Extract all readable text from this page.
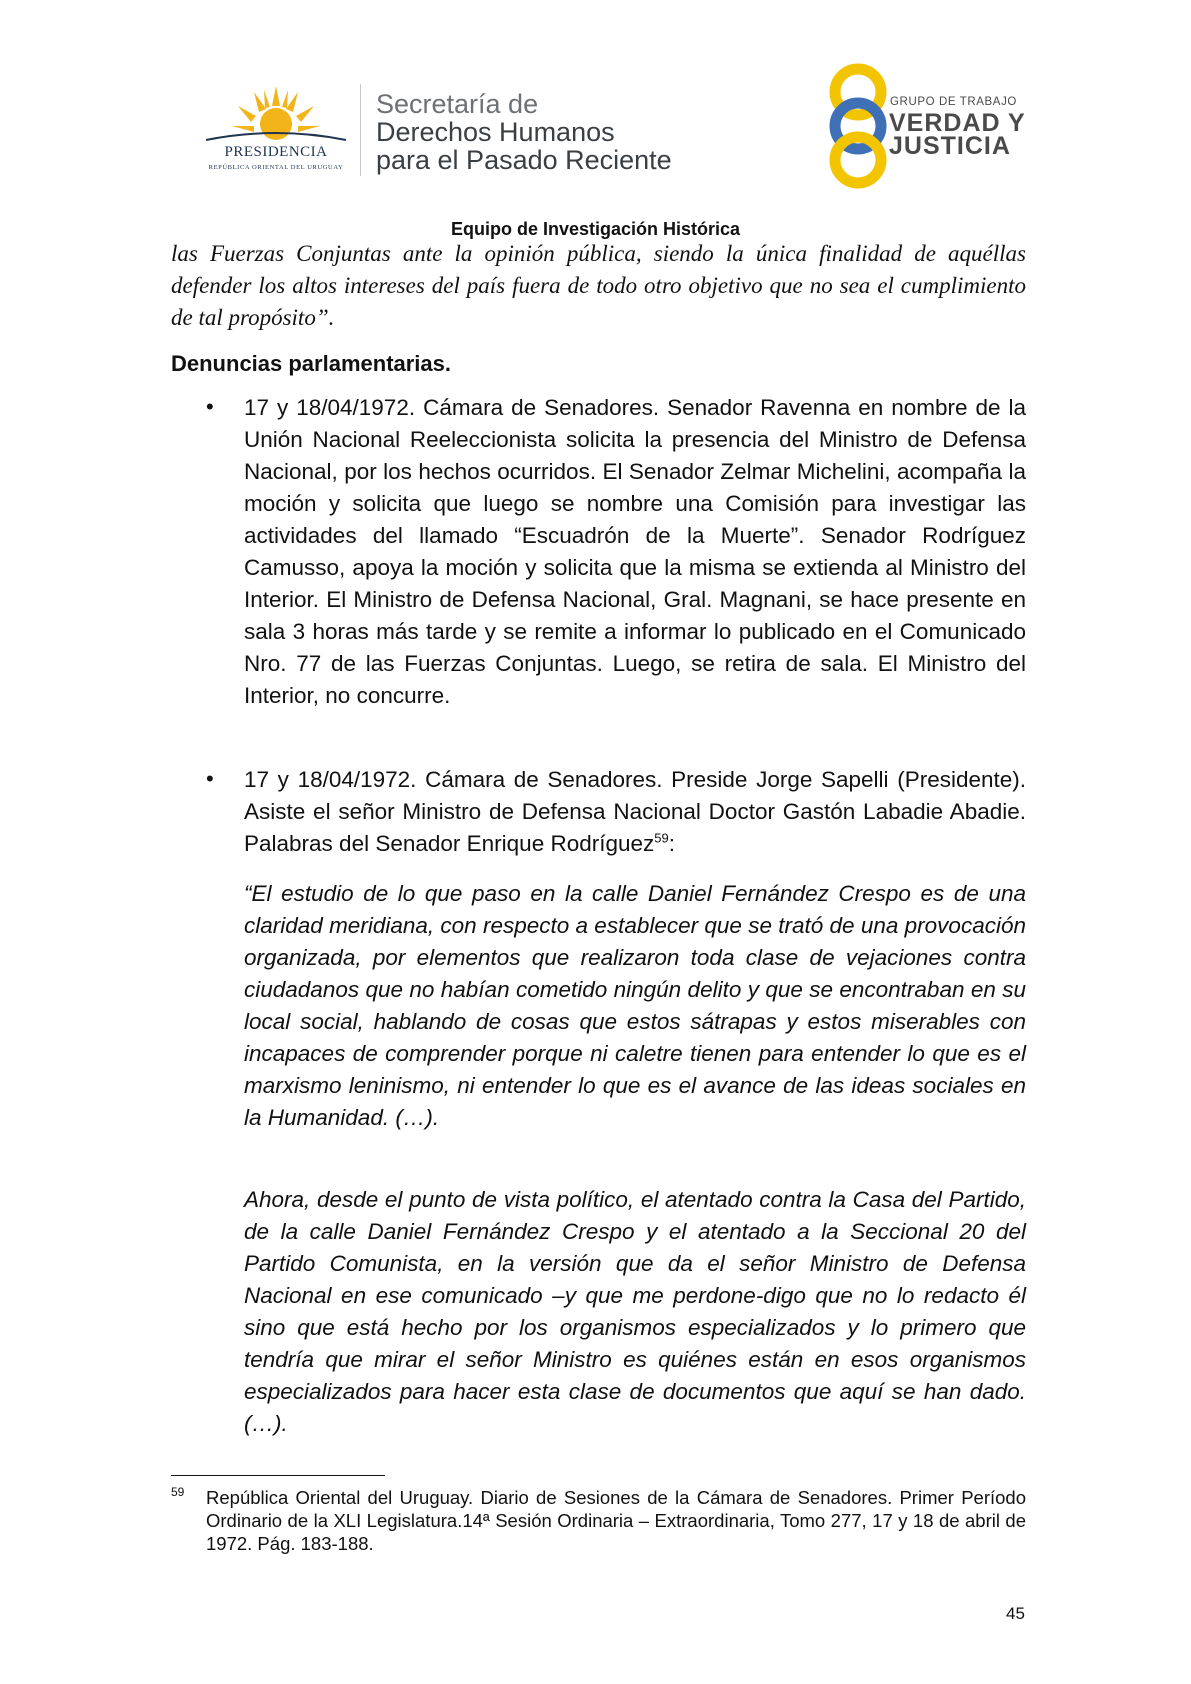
PRESIDENCIA
REPÚBLICA ORIENTAL DEL URUGUAY
Secretaría de
Derechos Humanos
para el Pasado Reciente
GRUPO DE TRABAJO
VERDAD Y
JUSTICIA
Equipo de Investigación Histórica
las Fuerzas Conjuntas ante la opinión pública, siendo la única finalidad de aquéllas defender los altos intereses del país fuera de todo otro objetivo que no sea el cumplimiento de tal propósito”.
Denuncias parlamentarias.
• 17 y 18/04/1972. Cámara de Senadores. Senador Ravenna en nombre de la Unión Nacional Reeleccionista solicita la presencia del Ministro de Defensa Nacional, por los hechos ocurridos. El Senador Zelmar Michelini, acompaña la moción y solicita que luego se nombre una Comisión para investigar las actividades del llamado “Escuadrón de la Muerte”. Senador Rodríguez Camusso, apoya la moción y solicita que la misma se extienda al Ministro del Interior. El Ministro de Defensa Nacional, Gral. Magnani, se hace presente en sala 3 horas más tarde y se remite a informar lo publicado en el Comunicado Nro. 77 de las Fuerzas Conjuntas. Luego, se retira de sala. El Ministro del Interior, no concurre.
• 17 y 18/04/1972. Cámara de Senadores. Preside Jorge Sapelli (Presidente). Asiste el señor Ministro de Defensa Nacional Doctor Gastón Labadie Abadie. Palabras del Senador Enrique Rodríguez$^{59}$:
“El estudio de lo que paso en la calle Daniel Fernández Crespo es de una claridad meridiana, con respecto a establecer que se trató de una provocación organizada, por elementos que realizaron toda clase de vejaciones contra ciudadanos que no habían cometido ningún delito y que se encontraban en su local social, hablando de cosas que estos sátrapas y estos miserables con incapaces de comprender porque ni caletre tienen para entender lo que es el marxismo leninismo, ni entender lo que es el avance de las ideas sociales en la Humanidad. (…).
Ahora, desde el punto de vista político, el atentado contra la Casa del Partido, de la calle Daniel Fernández Crespo y el atentado a la Seccional 20 del Partido Comunista, en la versión que da el señor Ministro de Defensa Nacional en ese comunicado –y que me perdone-digo que no lo redacto él sino que está hecho por los organismos especializados y lo primero que tendría que mirar el señor Ministro es quiénes están en esos organismos especializados para hacer esta clase de documentos que aquí se han dado. (…).
59 República Oriental del Uruguay. Diario de Sesiones de la Cámara de Senadores. Primer Período Ordinario de la XLI Legislatura.14ª Sesión Ordinaria – Extraordinaria, Tomo 277, 17 y 18 de abril de 1972. Pág. 183-188.
45
